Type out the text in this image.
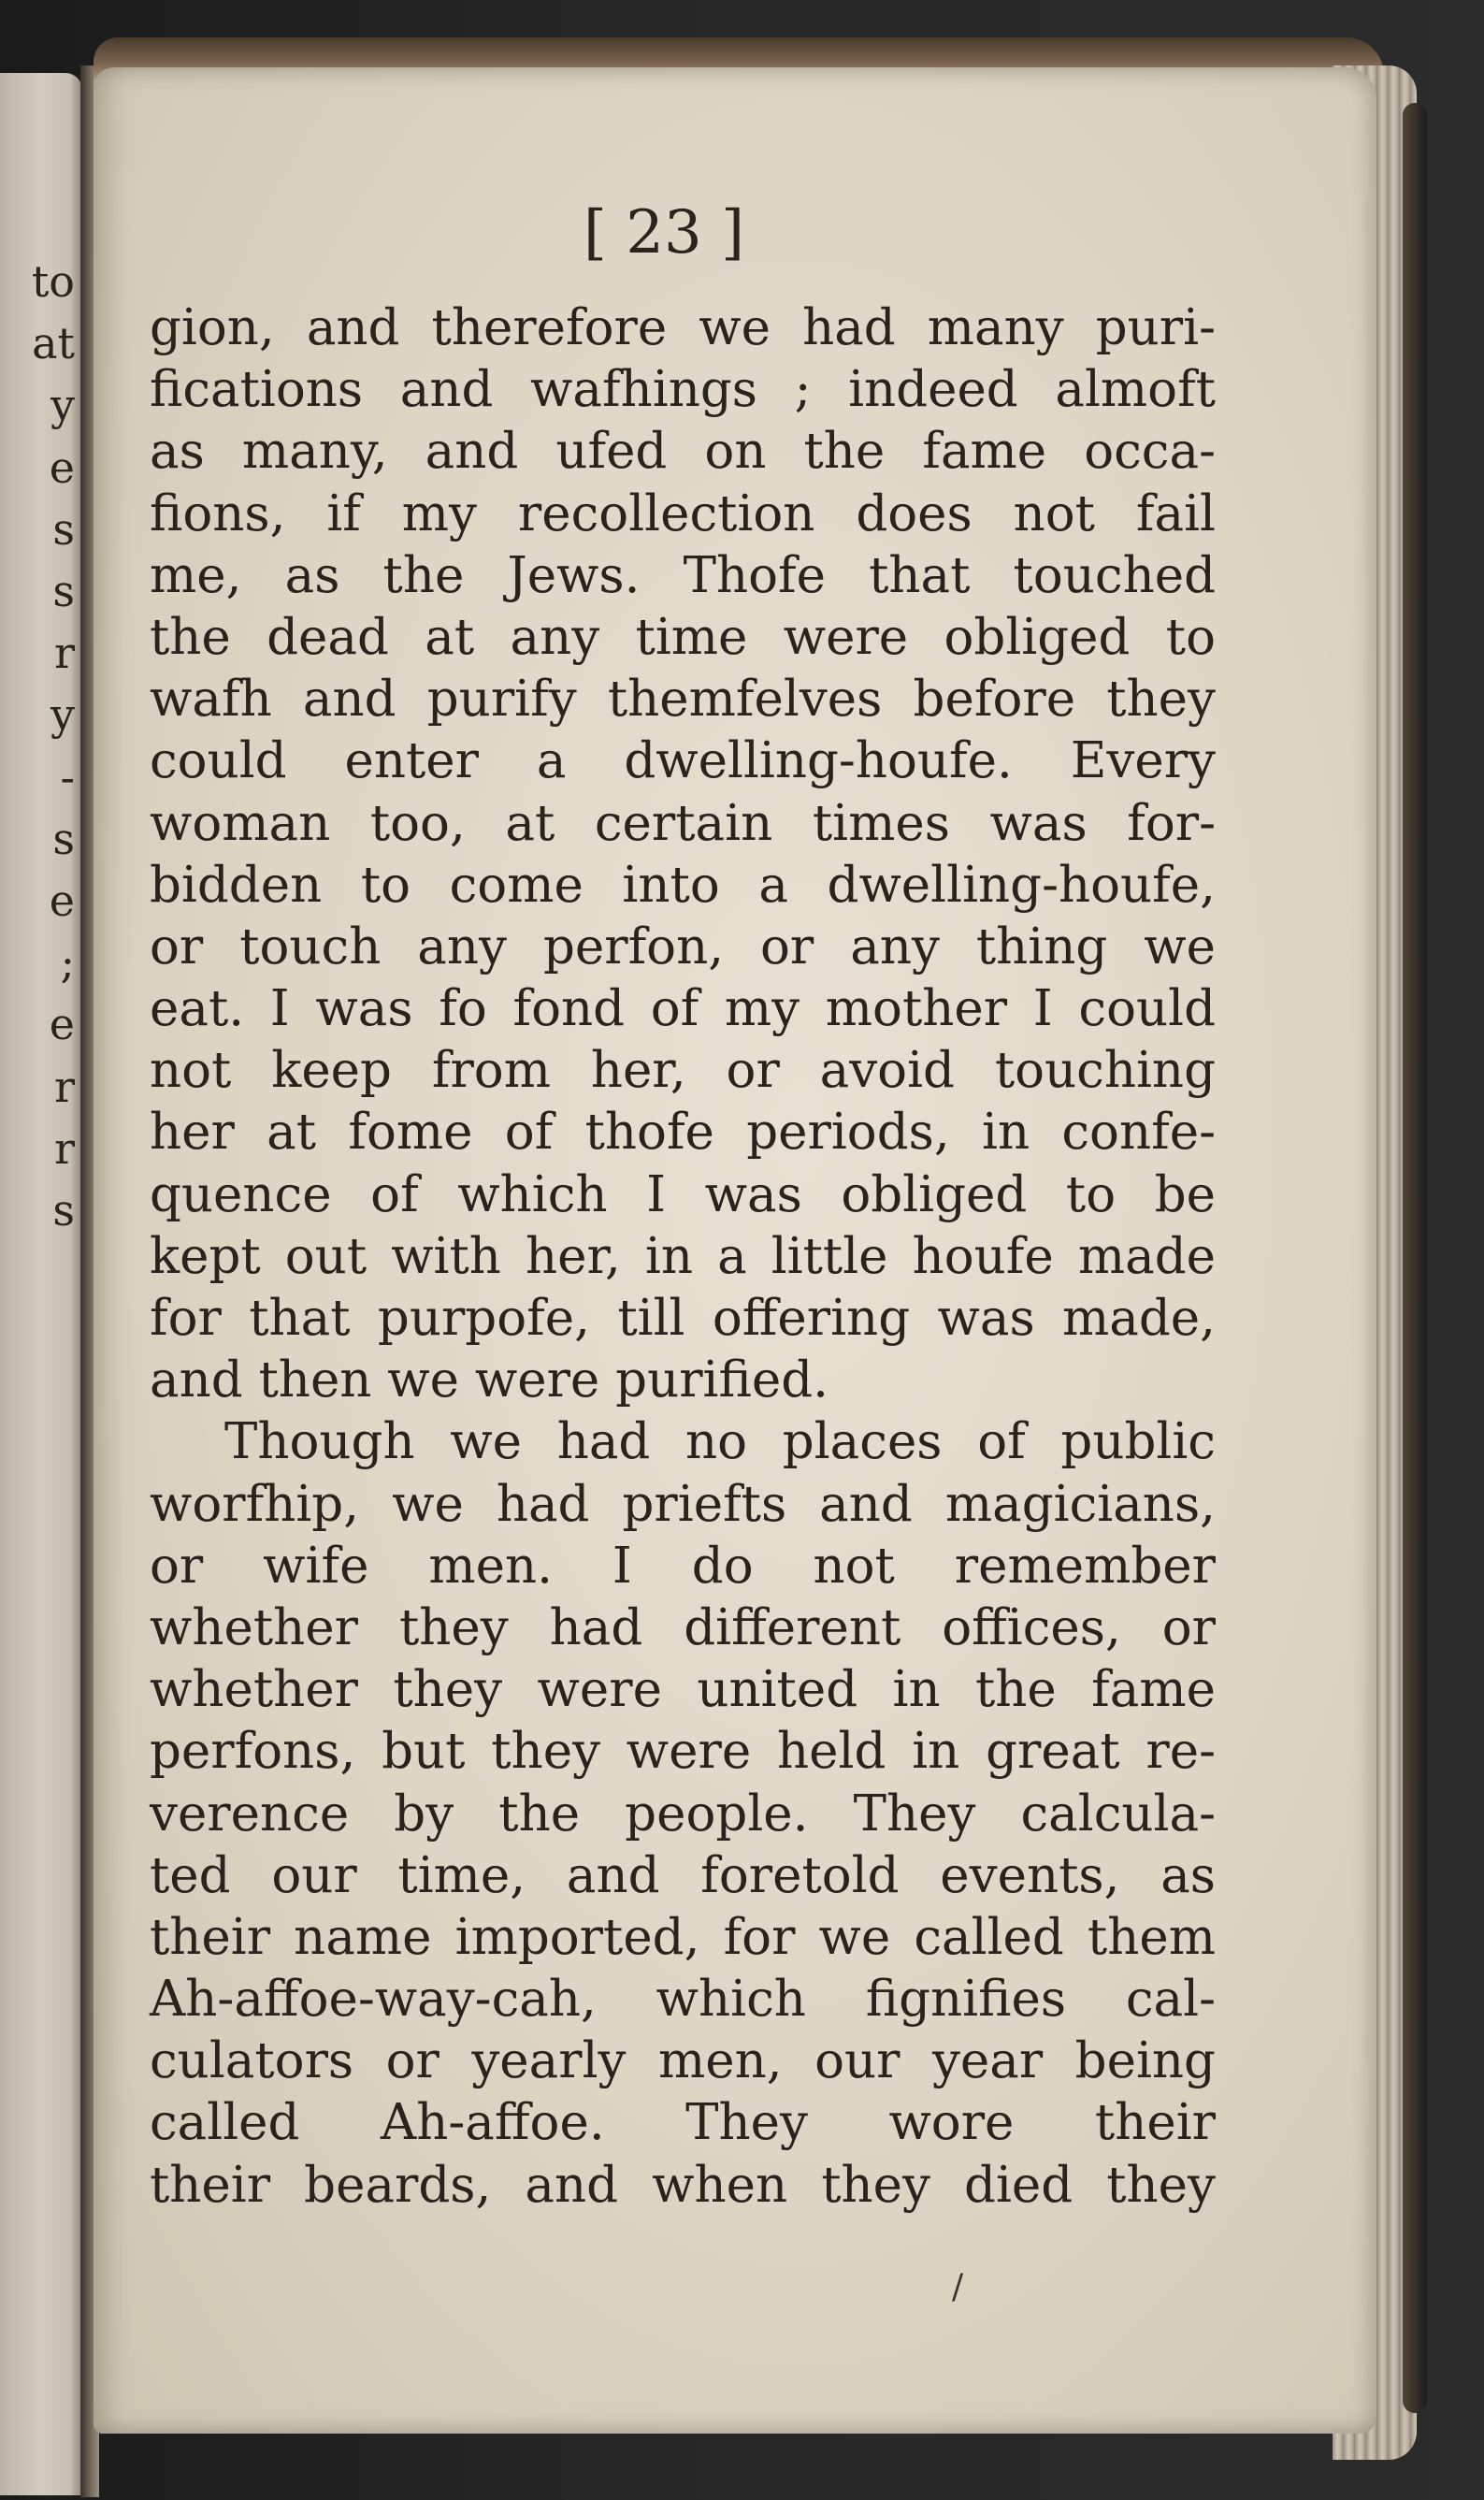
to
at
y
e
s
s
r
y
-
s
e
;
e
r
r
s
[ 23 ]
gion, and therefore we had many puri-
fications and wafhings ; indeed almoft
as many, and ufed on the fame occa-
fions, if my recollection does not fail
me, as the Jews. Thofe that touched
the dead at any time were obliged to
wafh and purify themfelves before they
could enter a dwelling-houfe. Every
woman too, at certain times was for-
bidden to come into a dwelling-houfe,
or touch any perfon, or any thing we
eat. I was fo fond of my mother I could
not keep from her, or avoid touching
her at fome of thofe periods, in confe-
quence of which I was obliged to be
kept out with her, in a little houfe made
for that purpofe, till offering was made,
and then we were purified.
Though we had no places of public
worfhip, we had priefts and magicians,
or wife men. I do not remember
whether they had different offices, or
whether they were united in the fame
perfons, but they were held in great re-
verence by the people. They calcula-
ted our time, and foretold events, as
their name imported, for we called them
Ah-affoe-way-cah, which fignifies cal-
culators or yearly men, our year being
called Ah-affoe. They wore their
their beards, and when they died they
/
